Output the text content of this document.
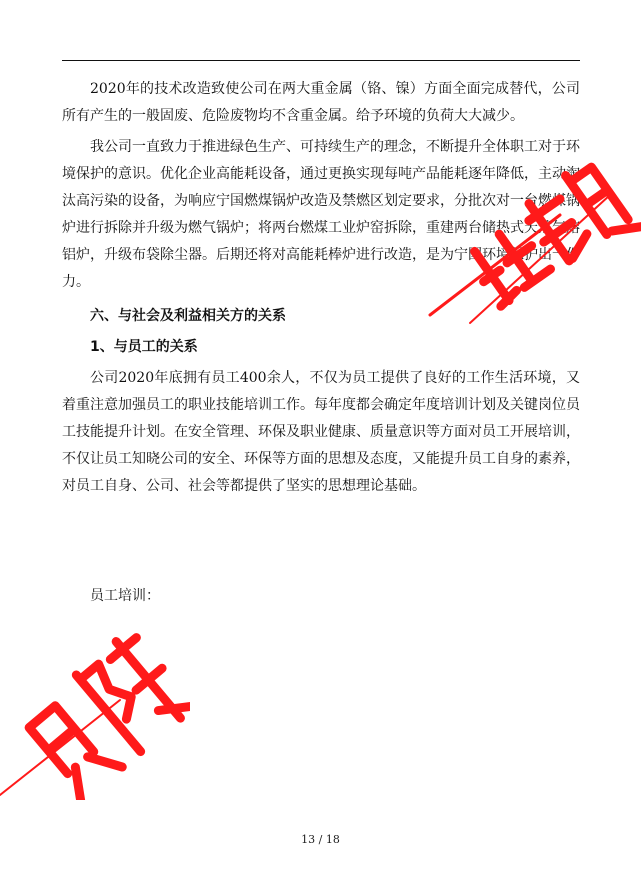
2020年的技术改造致使公司在两大重金属（铬、镍）方面全面完成替代，公司所有产生的一般固废、危险废物均不含重金属。给予环境的负荷大大减少。

我公司一直致力于推进绿色生产、可持续生产的理念，不断提升全体职工对于环境保护的意识。优化企业高能耗设备，通过更换实现每吨产品能耗逐年降低，主动淘汰高污染的设备，为响应宁国燃煤锅炉改造及禁燃区划定要求，分批次对一台燃煤锅炉进行拆除并升级为燃气锅炉；将两台燃煤工业炉窑拆除，重建两台储热式天然气熔铝炉，升级布袋除尘器。后期还将对高能耗棒炉进行改造，是为宁国环境保护出一份力。

六、与社会及利益相关方的关系

1、与员工的关系

公司2020年底拥有员工400余人，不仅为员工提供了良好的工作生活环境，又着重注意加强员工的职业技能培训工作。每年度都会确定年度培训计划及关键岗位员工技能提升计划。在安全管理、环保及职业健康、质量意识等方面对员工开展培训，不仅让员工知晓公司的安全、环保等方面的思想及态度，又能提升员工自身的素养，对员工自身、公司、社会等都提供了坚实的思想理论基础。

员工培训：
13 / 18
